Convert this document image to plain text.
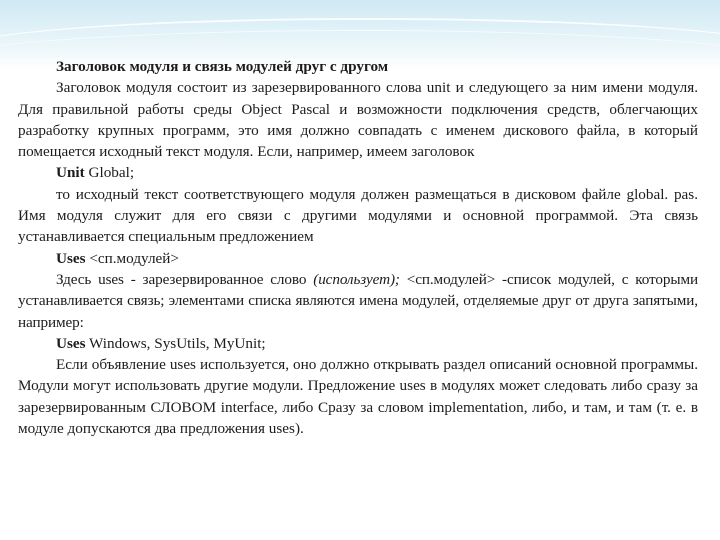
Заголовок модуля и связь модулей друг с другом

Заголовок модуля состоит из зарезервированного слова unit и следующего за ним имени модуля. Для правильной работы среды Object Pascal и возможности подключения средств, облегчающих разработку крупных программ, это имя должно совпадать с именем дискового файла, в который помещается исходный текст модуля. Если, например, имеем заголовок

Unit Global;

то исходный текст соответствующего модуля должен размещаться в дисковом файле global. pas. Имя модуля служит для его связи с другими модулями и основной программой. Эта связь устанавливается специальным предложением

Uses <сп.модулей>

Здесь uses - зарезервированное слово (использует); <сп.модулей> -список модулей, с которыми устанавливается связь; элементами списка являются имена модулей, отделяемые друг от друга запятыми, например:

Uses Windows, SysUtils, MyUnit;

Если объявление uses используется, оно должно открывать раздел описаний основной программы. Модули могут использовать другие модули. Предложение uses в модулях может следовать либо сразу за зарезервированным СЛОВОМ interface, либо Сразу за словом implementation, либо, и там, и там (т. е. в модуле допускаются два предложения uses).
